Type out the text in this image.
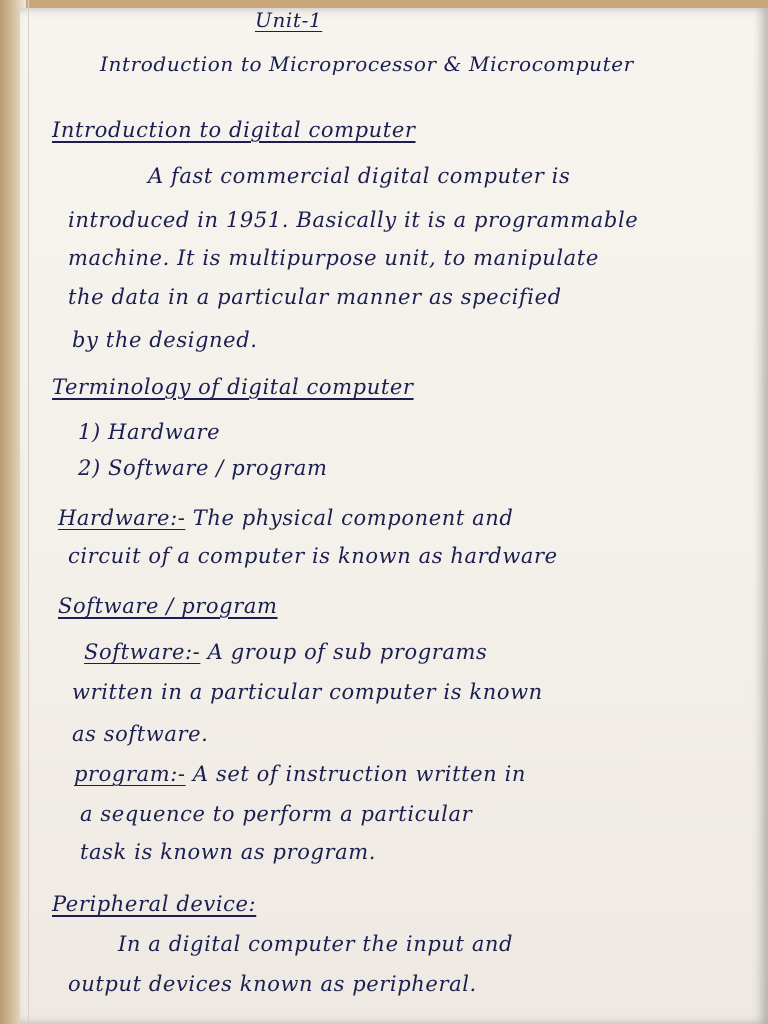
Unit-1
Introduction to Microprocessor & Microcomputer
Introduction to digital computer
A fast commercial digital computer is
introduced in 1951. Basically it is a programmable
machine. It is multipurpose unit, to manipulate
the data in a particular manner as specified
by the designed.
Terminology of digital computer
1) Hardware
2) Software / program
Hardware:- The physical component and
circuit of a computer is known as hardware
Software / program
Software:- A group of sub programs
written in a particular computer is known
as software.
program:- A set of instruction written in
a sequence to perform a particular
task is known as program.
Peripheral device:
In a digital computer the input and
output devices known as peripheral.
